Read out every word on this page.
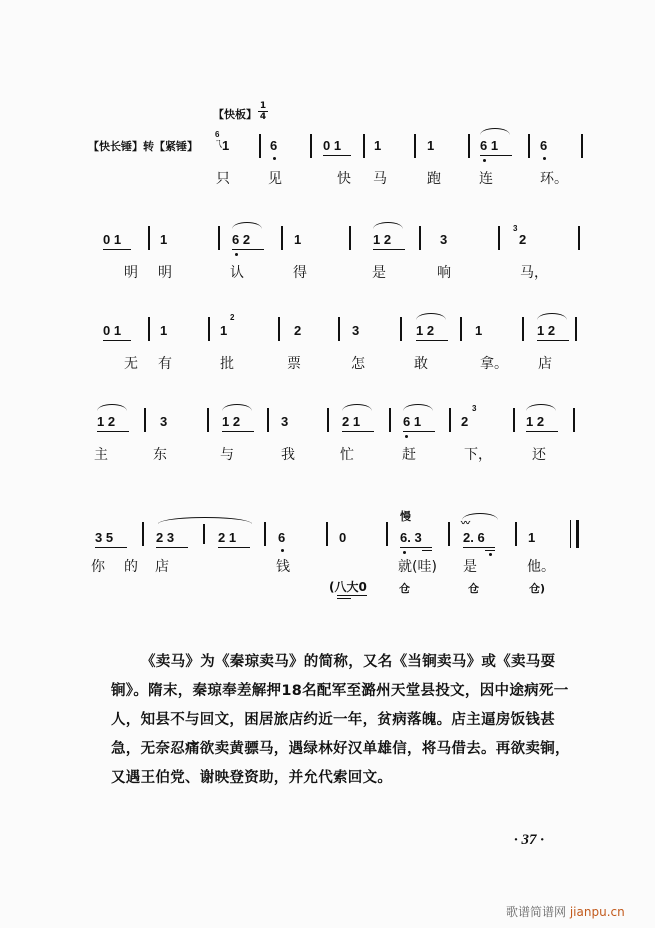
【快板】
1
4
【快长锤】转【紧锤】
6
ㄟ
1	6	0 1	1	1	6 1	6
只	见	快 马	跑	连	环。
0 1	1	6 2	1	1 2	3
3
2
明 明	认	得	是	响	马，
0 1	1	1
2
2	3	1 2	1	1 2
无 有	批	票	怎	敢	拿。 店
1 2	3	1 2	3	2 1	6 1	2
3
1 2
主	东	与	我	忙	赶	下，	还
慢
3 5	2 3	2 1	6	0	6. 3
〰
2. 6	1
你 的 店	钱	就(哇) 是	他。
(八大0	仓	仓	仓)

《卖马》为《秦琼卖马》的简称，又名《当锏卖马》或《卖马耍锏》。隋末，秦琼奉差解押18名配军至潞州天堂县投文，因中途病死一人，知县不与回文，困居旅店约近一年，贫病落魄。店主逼房饭钱甚急，无奈忍痛欲卖黄骠马，遇绿林好汉单雄信，将马借去。再欲卖锏，又遇王伯党、谢映登资助，并允代索回文。

· 37 ·
歌谱简谱网 jianpu.cn
